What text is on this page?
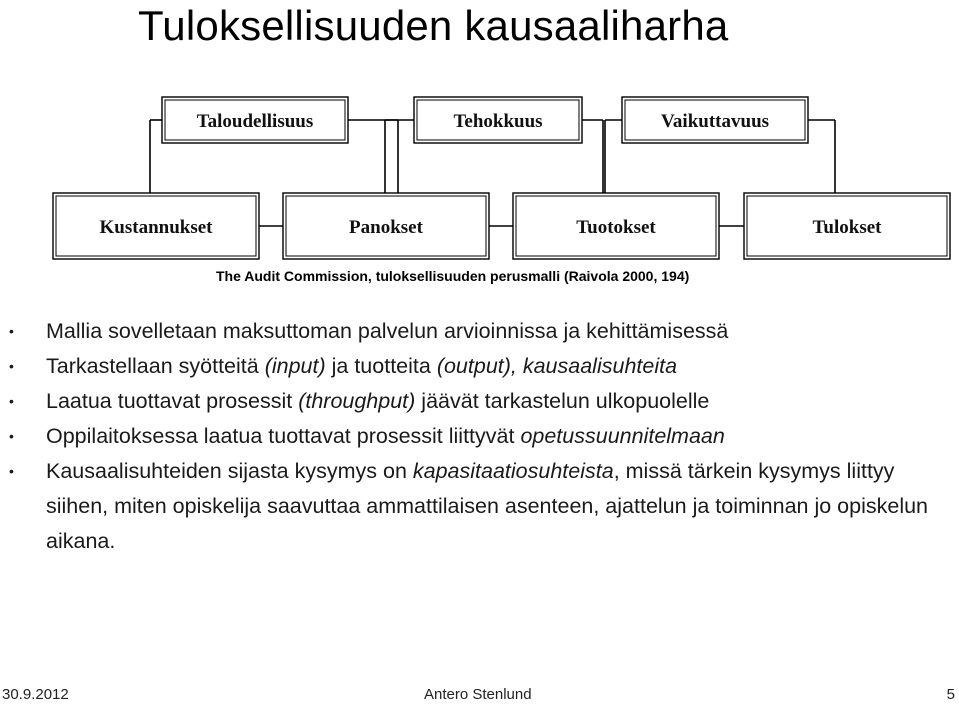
Tuloksellisuuden kausaaliharha
Taloudellisuus	Tehokkuus	Vaikuttavuus
Kustannukset	Panokset	Tuotokset	Tulokset
The Audit Commission, tuloksellisuuden perusmalli (Raivola 2000, 194)
• Mallia sovelletaan maksuttoman palvelun arvioinnissa ja kehittämisessä
• Tarkastellaan syötteitä (input) ja tuotteita (output), kausaalisuhteita
• Laatua tuottavat prosessit (throughput) jäävät tarkastelun ulkopuolelle
• Oppilaitoksessa laatua tuottavat prosessit liittyvät opetussuunnitelmaan
• Kausaalisuhteiden sijasta kysymys on kapasitaatiosuhteista, missä tärkein kysymys liittyy siihen, miten opiskelija saavuttaa ammattilaisen asenteen, ajattelun ja toiminnan jo opiskelun aikana.
30.9.2012	Antero Stenlund	5
